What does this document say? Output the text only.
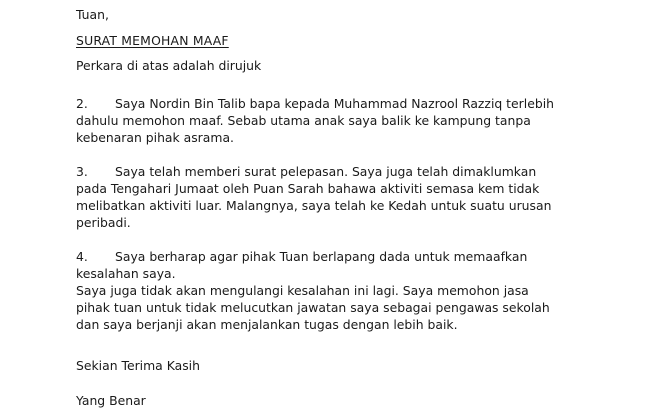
Tuan,

SURAT MEMOHAN MAAF

Perkara di atas adalah dirujuk

2. Saya Nordin Bin Talib bapa kepada Muhammad Nazrool Razziq terlebih

dahulu memohon maaf. Sebab utama anak saya balik ke kampung tanpa

kebenaran pihak asrama.

3. Saya telah memberi surat pelepasan. Saya juga telah dimaklumkan

pada Tengahari Jumaat oleh Puan Sarah bahawa aktiviti semasa kem tidak

melibatkan aktiviti luar. Malangnya, saya telah ke Kedah untuk suatu urusan

peribadi.

4. Saya berharap agar pihak Tuan berlapang dada untuk memaafkan

kesalahan saya.

Saya juga tidak akan mengulangi kesalahan ini lagi. Saya memohon jasa

pihak tuan untuk tidak melucutkan jawatan saya sebagai pengawas sekolah

dan saya berjanji akan menjalankan tugas dengan lebih baik.

Sekian Terima Kasih

Yang Benar
